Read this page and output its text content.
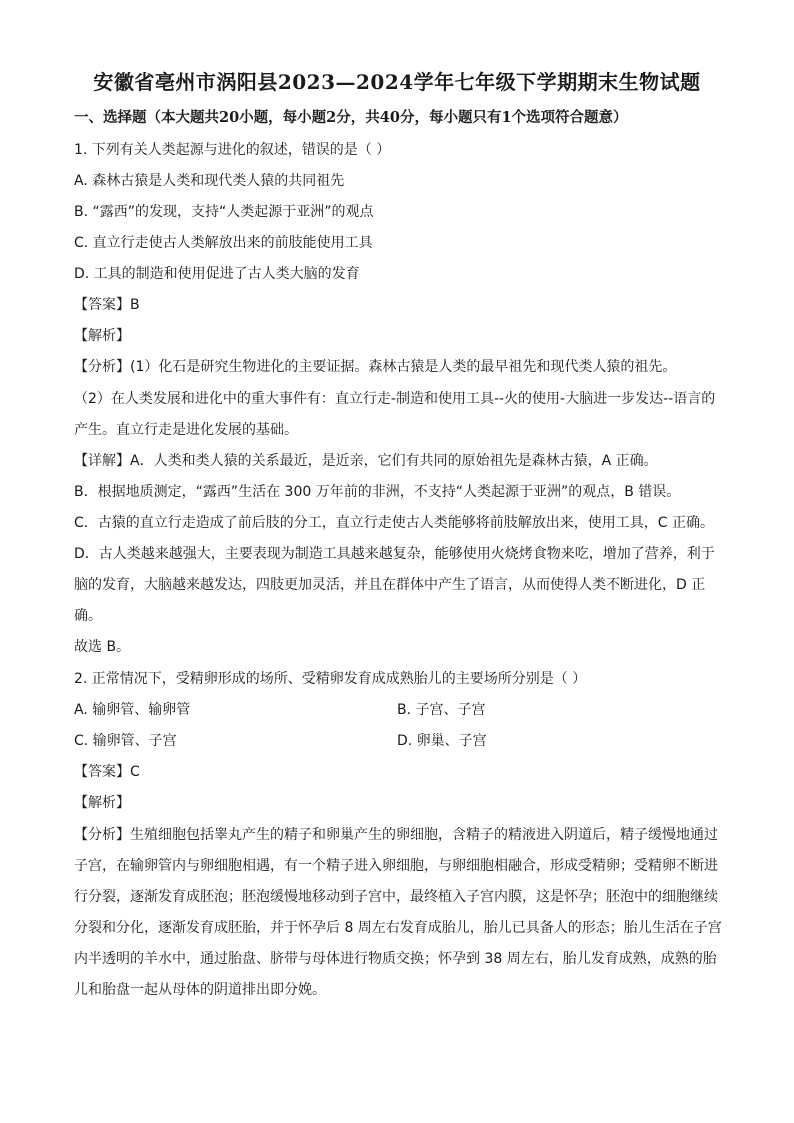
安徽省亳州市涡阳县2023—2024学年七年级下学期期末生物试题
一、选择题（本大题共20小题，每小题2分，共40分，每小题只有1个选项符合题意）
1. 下列有关人类起源与进化的叙述，错误的是（ ）
A. 森林古猿是人类和现代类人猿的共同祖先
B. “露西”的发现，支持“人类起源于亚洲”的观点
C. 直立行走使古人类解放出来的前肢能使用工具
D. 工具的制造和使用促进了古人类大脑的发育
【答案】B
【解析】
【分析】(1）化石是研究生物进化的主要证据。森林古猿是人类的最早祖先和现代类人猿的祖先。
（2）在人类发展和进化中的重大事件有：直立行走-制造和使用工具--火的使用-大脑进一步发达--语言的
产生。直立行走是进化发展的基础。
【详解】A．人类和类人猿的关系最近，是近亲，它们有共同的原始祖先是森林古猿，A 正确。
B．根据地质测定，“露西”生活在 300 万年前的非洲，不支持“人类起源于亚洲”的观点，B 错误。
C．古猿的直立行走造成了前后肢的分工，直立行走使古人类能够将前肢解放出来，使用工具，C 正确。
D．古人类越来越强大，主要表现为制造工具越来越复杂，能够使用火烧烤食物来吃，增加了营养，利于
脑的发育，大脑越来越发达，四肢更加灵活，并且在群体中产生了语言，从而使得人类不断进化，D 正
确。
故选 B。
2. 正常情况下，受精卵形成的场所、受精卵发育成成熟胎儿的主要场所分别是（ ）
A. 输卵管、输卵管	B. 子宫、子宫
C. 输卵管、子宫	D. 卵巢、子宫
【答案】C
【解析】
【分析】生殖细胞包括睾丸产生的精子和卵巢产生的卵细胞，含精子的精液进入阴道后，精子缓慢地通过
子宫，在输卵管内与卵细胞相遇，有一个精子进入卵细胞，与卵细胞相融合，形成受精卵；受精卵不断进
行分裂，逐渐发育成胚泡；胚泡缓慢地移动到子宫中，最终植入子宫内膜，这是怀孕；胚泡中的细胞继续
分裂和分化，逐渐发育成胚胎，并于怀孕后 8 周左右发育成胎儿，胎儿已具备人的形态；胎儿生活在子宫
内半透明的羊水中，通过胎盘、脐带与母体进行物质交换；怀孕到 38 周左右，胎儿发育成熟，成熟的胎
儿和胎盘一起从母体的阴道排出即分娩。
